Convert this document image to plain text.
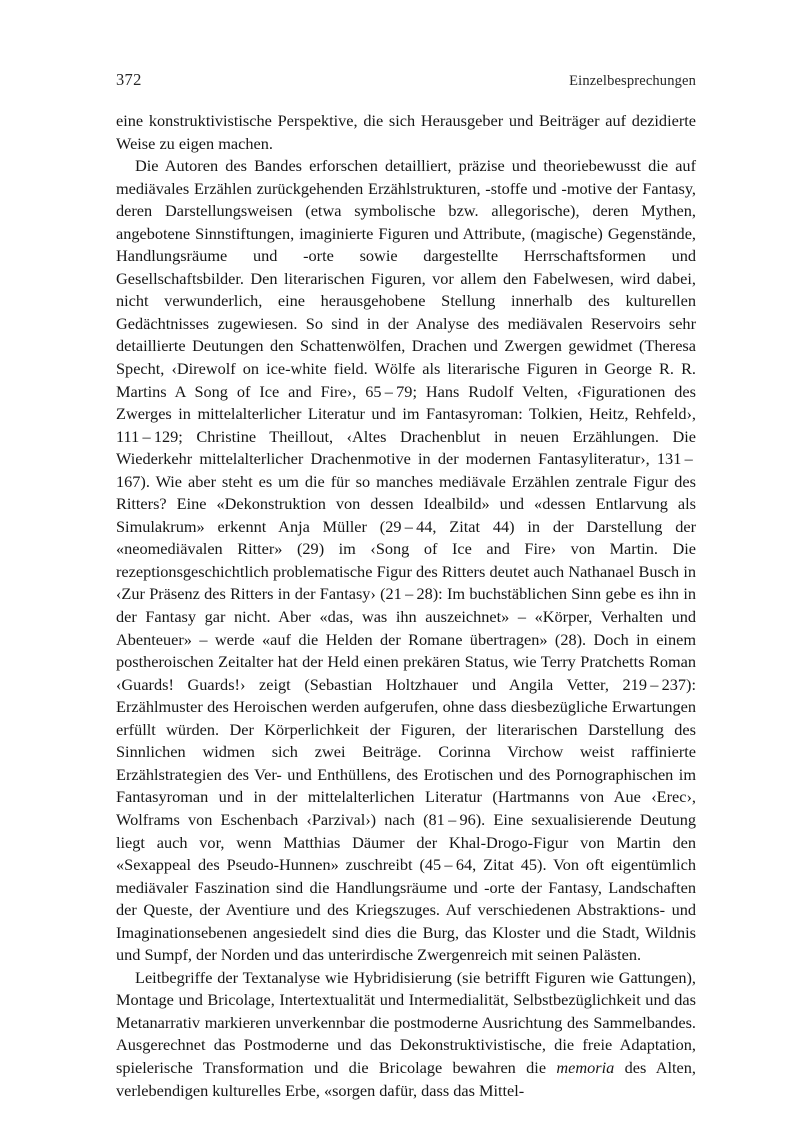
372	Einzelbesprechungen

eine konstruktivistische Perspektive, die sich Herausgeber und Beiträger auf dezidierte Weise zu eigen machen.

Die Autoren des Bandes erforschen detailliert, präzise und theoriebewusst die auf mediävales Erzählen zurückgehenden Erzählstrukturen, -stoffe und -motive der Fantasy, deren Darstellungsweisen (etwa symbolische bzw. allegorische), deren Mythen, angebotene Sinnstiftungen, imaginierte Figuren und Attribute, (magische) Gegenstände, Handlungsräume und -orte sowie dargestellte Herrschaftsformen und Gesellschaftsbilder. Den literarischen Figuren, vor allem den Fabelwesen, wird dabei, nicht verwunderlich, eine herausgehobene Stellung innerhalb des kulturellen Gedächtnisses zugewiesen. So sind in der Analyse des mediävalen Reservoirs sehr detaillierte Deutungen den Schattenwölfen, Drachen und Zwergen gewidmet (Theresa Specht, ‹Direwolf on ice-white field. Wölfe als literarische Figuren in George R. R. Martins A Song of Ice and Fire›, 65 – 79; Hans Rudolf Velten, ‹Figurationen des Zwerges in mittelalterlicher Literatur und im Fantasyroman: Tolkien, Heitz, Rehfeld›, 111 – 129; Christine Theillout, ‹Altes Drachenblut in neuen Erzählungen. Die Wiederkehr mittelalterlicher Drachenmotive in der modernen Fantasyliteratur›, 131 – 167). Wie aber steht es um die für so manches mediävale Erzählen zentrale Figur des Ritters? Eine «Dekonstruktion von dessen Idealbild» und «dessen Entlarvung als Simulakrum» erkennt Anja Müller (29 – 44, Zitat 44) in der Darstellung der «neomediävalen Ritter» (29) im ‹Song of Ice and Fire› von Martin. Die rezeptionsgeschichtlich problematische Figur des Ritters deutet auch Nathanael Busch in ‹Zur Präsenz des Ritters in der Fantasy› (21 – 28): Im buchstäblichen Sinn gebe es ihn in der Fantasy gar nicht. Aber «das, was ihn auszeichnet» – «Körper, Verhalten und Abenteuer» – werde «auf die Helden der Romane übertragen» (28). Doch in einem postheroischen Zeitalter hat der Held einen prekären Status, wie Terry Pratchetts Roman ‹Guards! Guards!› zeigt (Sebastian Holtzhauer und Angila Vetter, 219 – 237): Erzählmuster des Heroischen werden aufgerufen, ohne dass diesbezügliche Erwartungen erfüllt würden. Der Körperlichkeit der Figuren, der literarischen Darstellung des Sinnlichen widmen sich zwei Beiträge. Corinna Virchow weist raffinierte Erzählstrategien des Ver- und Enthüllens, des Erotischen und des Pornographischen im Fantasyroman und in der mittelalterlichen Literatur (Hartmanns von Aue ‹Erec›, Wolframs von Eschenbach ‹Parzival›) nach (81 – 96). Eine sexualisierende Deutung liegt auch vor, wenn Matthias Däumer der Khal-Drogo-Figur von Martin den «Sexappeal des Pseudo-Hunnen» zuschreibt (45 – 64, Zitat 45). Von oft eigentümlich mediävaler Faszination sind die Handlungsräume und -orte der Fantasy, Landschaften der Queste, der Aventiure und des Kriegszuges. Auf verschiedenen Abstraktions- und Imaginationsebenen angesiedelt sind dies die Burg, das Kloster und die Stadt, Wildnis und Sumpf, der Norden und das unterirdische Zwergenreich mit seinen Palästen.

Leitbegriffe der Textanalyse wie Hybridisierung (sie betrifft Figuren wie Gattungen), Montage und Bricolage, Intertextualität und Intermedialität, Selbstbezüglichkeit und das Metanarrativ markieren unverkennbar die postmoderne Ausrichtung des Sammelbandes. Ausgerechnet das Postmoderne und das Dekonstruktivistische, die freie Adaptation, spielerische Transformation und die Bricolage bewahren die memoria des Alten, verlebendigen kulturelles Erbe, «sorgen dafür, dass das Mittel-
